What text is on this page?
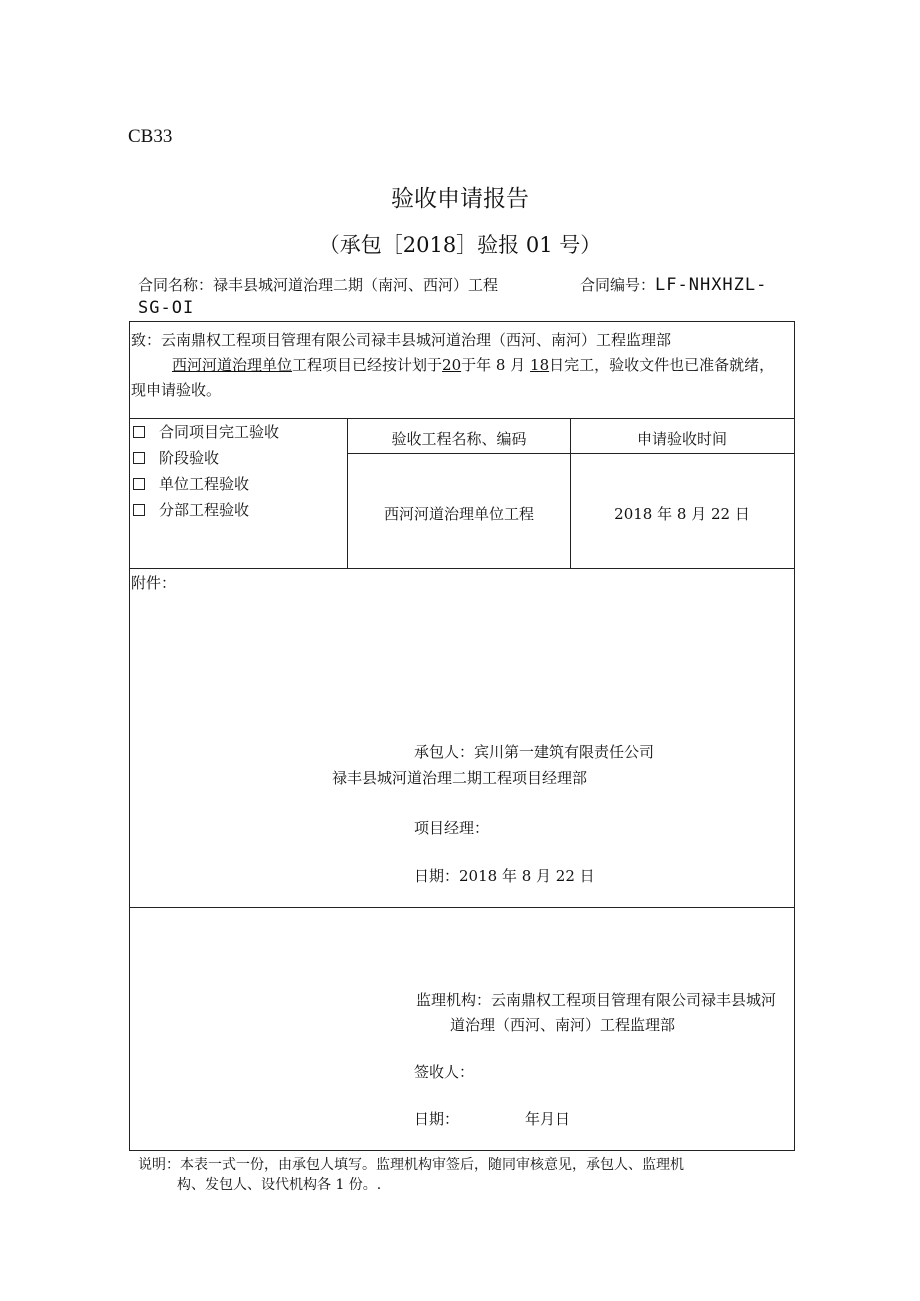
CB33
验收申请报告
（承包［2018］验报 01 号）
合同名称：禄丰县城河道治理二期（南河、西河）工程	合同编号：LF-NHXHZL-
SG-OI
致：云南鼎权工程项目管理有限公司禄丰县城河道治理（西河、南河）工程监理部
西河河道治理单位工程项目已经按计划于20于年 8 月 18日完工，验收文件也已准备就绪，
现申请验收。
合同项目完工验收
阶段验收
单位工程验收
分部工程验收
验收工程名称、编码	申请验收时间
西河河道治理单位工程	2018 年 8 月 22 日
附件：
承包人：宾川第一建筑有限责任公司
禄丰县城河道治理二期工程项目经理部
项目经理：
日期：2018 年 8 月 22 日
监理机构：云南鼎权工程项目管理有限公司禄丰县城河
道治理（西河、南河）工程监理部
签收人：
日期：	年月日
说明：本表一式一份，由承包人填写。监理机构审签后，随同审核意见，承包人、监理机
构、发包人、设代机构各 1 份。.
